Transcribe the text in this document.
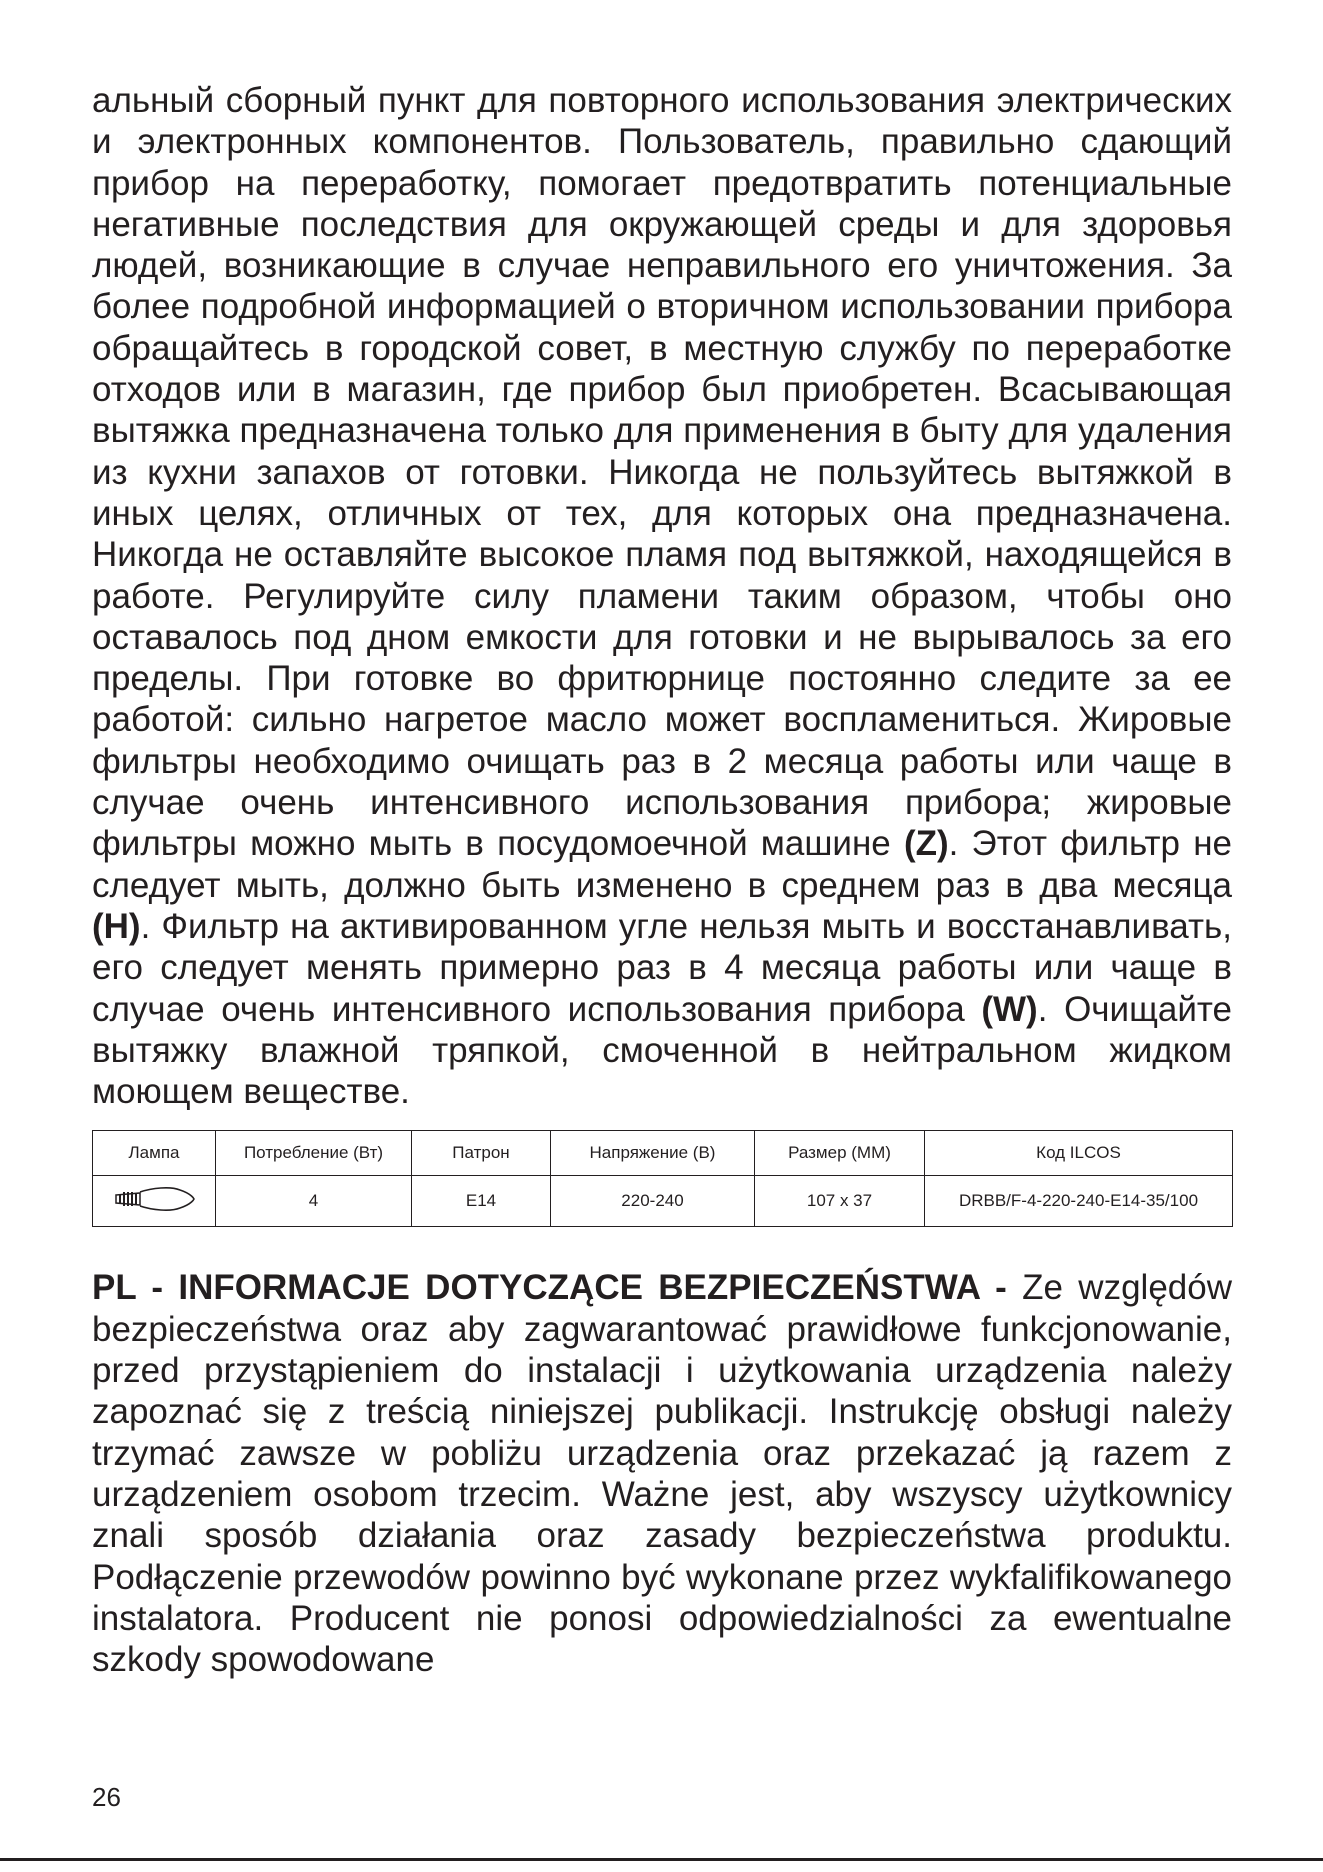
альный сборный пункт для повторного использования электрических и электронных компонентов. Пользователь, правильно сдающий прибор на переработку, помогает предотвратить потенциальные негативные последствия для окружающей среды и для здоровья людей, возникающие в случае неправильного его уничтожения. За более подробной информацией о вторичном использовании прибора обращайтесь в городской совет, в местную службу по переработке отходов или в магазин, где прибор был приобретен. Всасывающая вытяжка предназначена только для применения в быту для удаления из кухни запахов от готовки. Никогда не пользуйтесь вытяжкой в иных целях, отличных от тех, для которых она предназначена. Никогда не оставляйте высокое пламя под вытяжкой, находящейся в работе. Регулируйте силу пламени таким образом, чтобы оно оставалось под дном емкости для готовки и не вырывалось за его пределы. При готовке во фритюрнице постоянно следите за ее работой: сильно нагретое масло может воспламениться. Жировые фильтры необходимо очищать раз в 2 месяца работы или чаще в случае очень интенсивного использования прибора; жировые фильтры можно мыть в посудомоечной машине (Z). Этот фильтр не следует мыть, должно быть изменено в среднем раз в два месяца (H). Фильтр на активированном угле нельзя мыть и восстанавливать, его следует менять примерно раз в 4 месяца работы или чаще в случае очень интенсивного использования прибора (W). Очищайте вытяжку влажной тряпкой, смоченной в нейтральном жидком моющем веществе.

Лампа	Потребление (Вт)	Патрон	Напряжение (В)	Размер (ММ)	Код ILCOS
	4	E14	220-240	107 x 37	DRBB/F-4-220-240-E14-35/100

PL - INFORMACJE DOTYCZĄCE BEZPIECZEŃSTWA - Ze względów bezpieczeństwa oraz aby zagwarantować prawidłowe funkcjonowanie, przed przystąpieniem do instalacji i użytkowania urządzenia należy zapoznać się z treścią niniejszej publikacji. Instrukcję obsługi należy trzymać zawsze w pobliżu urządzenia oraz przekazać ją razem z urządzeniem osobom trzecim. Ważne jest, aby wszyscy użytkownicy znali sposób działania oraz zasady bezpieczeństwa produktu. Podłączenie przewodów powinno być wykonane przez wykfalifikowanego instalatora. Producent nie ponosi odpowiedzialności za ewentualne szkody spowodowane

26
